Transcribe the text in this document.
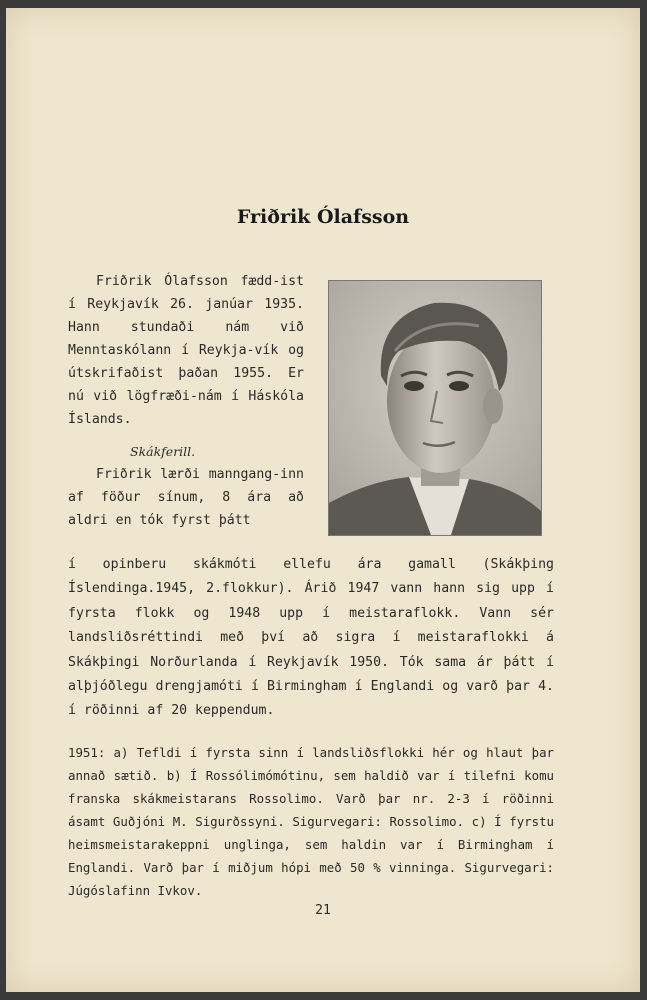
Friðrik Ólafsson

Friðrik Ólafsson fædd-ist í Reykjavík 26. janúar 1935. Hann stundaði nám við Menntaskólann í Reykja-vík og útskrifaðist þaðan 1955. Er nú við lögfræði-nám í Háskóla Íslands.

Skákferill.

Friðrik lærði manngang-inn af föður sínum, 8 ára að aldri en tók fyrst þátt

í opinberu skákmóti ellefu ára gamall (Skákþing Íslendinga.1945, 2.flokkur). Árið 1947 vann hann sig upp í fyrsta flokk og 1948 upp í meistaraflokk. Vann sér landsliðsréttindi með því að sigra í meistaraflokki á Skákþingi Norðurlanda í Reykjavík 1950. Tók sama ár þátt í alþjóðlegu drengjamóti í Birmingham í Englandi og varð þar 4. í röðinni af 20 keppendum.

1951: a) Tefldi í fyrsta sinn í landsliðsflokki hér og hlaut þar annað sætið. b) Í Rossólimómótinu, sem haldið var í tilefni komu franska skákmeistarans Rossolimo. Varð þar nr. 2-3 í röðinni ásamt Guðjóni M. Sigurðssyni. Sigurvegari: Rossolimo. c) Í fyrstu heimsmeistarakeppni unglinga, sem haldin var í Birmingham í Englandi. Varð þar í miðjum hópi með 50 % vinninga. Sigurvegari: Júgóslafinn Ivkov.

21
